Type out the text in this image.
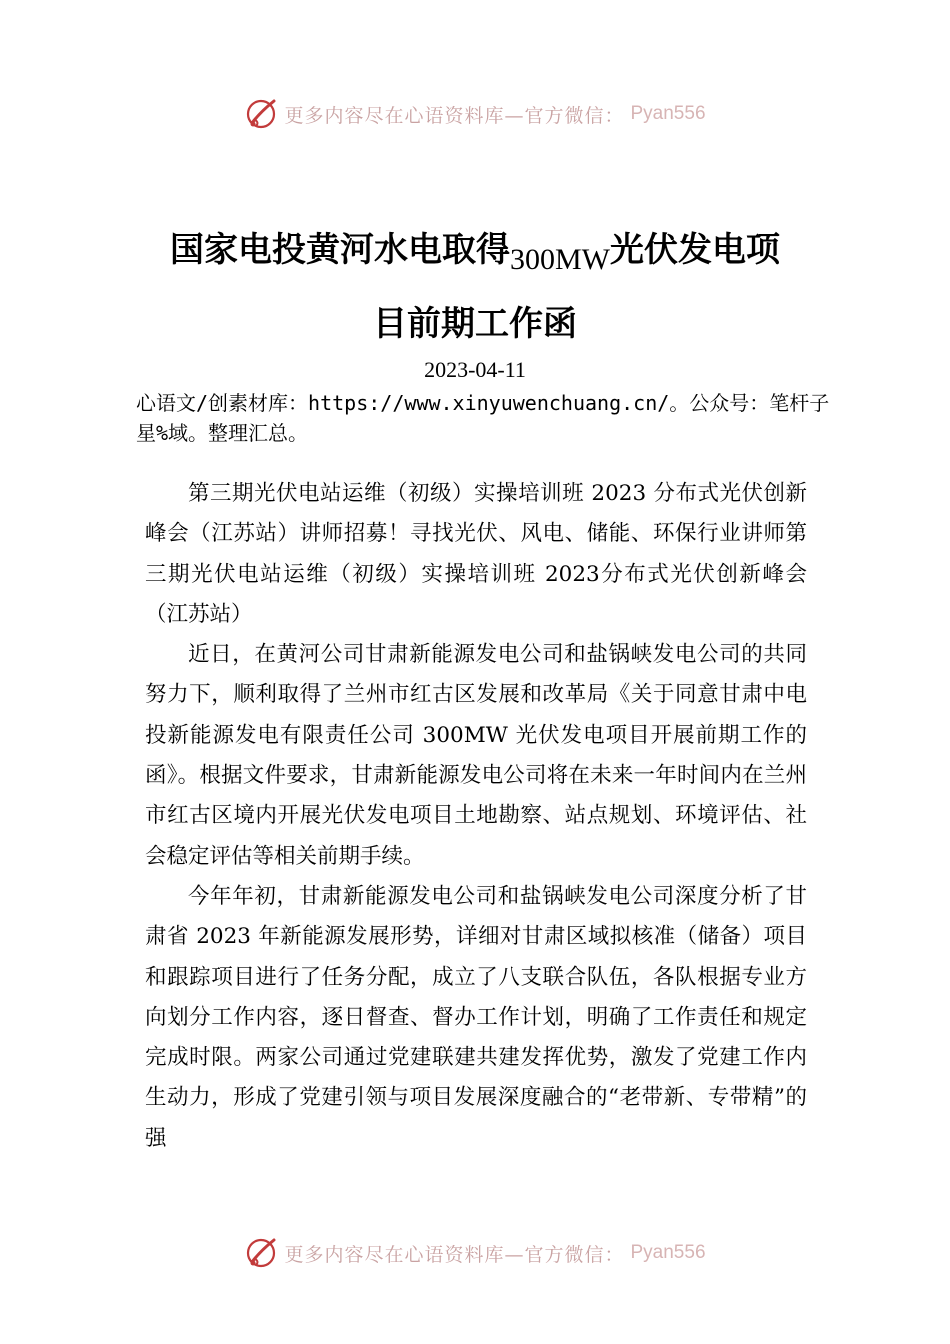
更多内容尽在心语资料库—官方微信： Pyan556
国家电投黄河水电取得300MW光伏发电项
目前期工作函
2023-04-11
心语文/创素材库：https://www.xinyuwenchuang.cn/。公众号：笔杆子星%域。整理汇总。

第三期光伏电站运维（初级）实操培训班 2023 分布式光伏创新峰会（江苏站）讲师招募！寻找光伏、风电、储能、环保行业讲师第三期光伏电站运维（初级）实操培训班 2023分布式光伏创新峰会（江苏站）

近日，在黄河公司甘肃新能源发电公司和盐锅峡发电公司的共同努力下，顺利取得了兰州市红古区发展和改革局《关于同意甘肃中电投新能源发电有限责任公司 300MW 光伏发电项目开展前期工作的函》。根据文件要求，甘肃新能源发电公司将在未来一年时间内在兰州市红古区境内开展光伏发电项目土地勘察、站点规划、环境评估、社会稳定评估等相关前期手续。

今年年初，甘肃新能源发电公司和盐锅峡发电公司深度分析了甘肃省 2023 年新能源发展形势，详细对甘肃区域拟核准（储备）项目和跟踪项目进行了任务分配，成立了八支联合队伍，各队根据专业方向划分工作内容，逐日督查、督办工作计划，明确了工作责任和规定完成时限。两家公司通过党建联建共建发挥优势，激发了党建工作内生动力，形成了党建引领与项目发展深度融合的“老带新、专带精”的强

更多内容尽在心语资料库—官方微信： Pyan556
